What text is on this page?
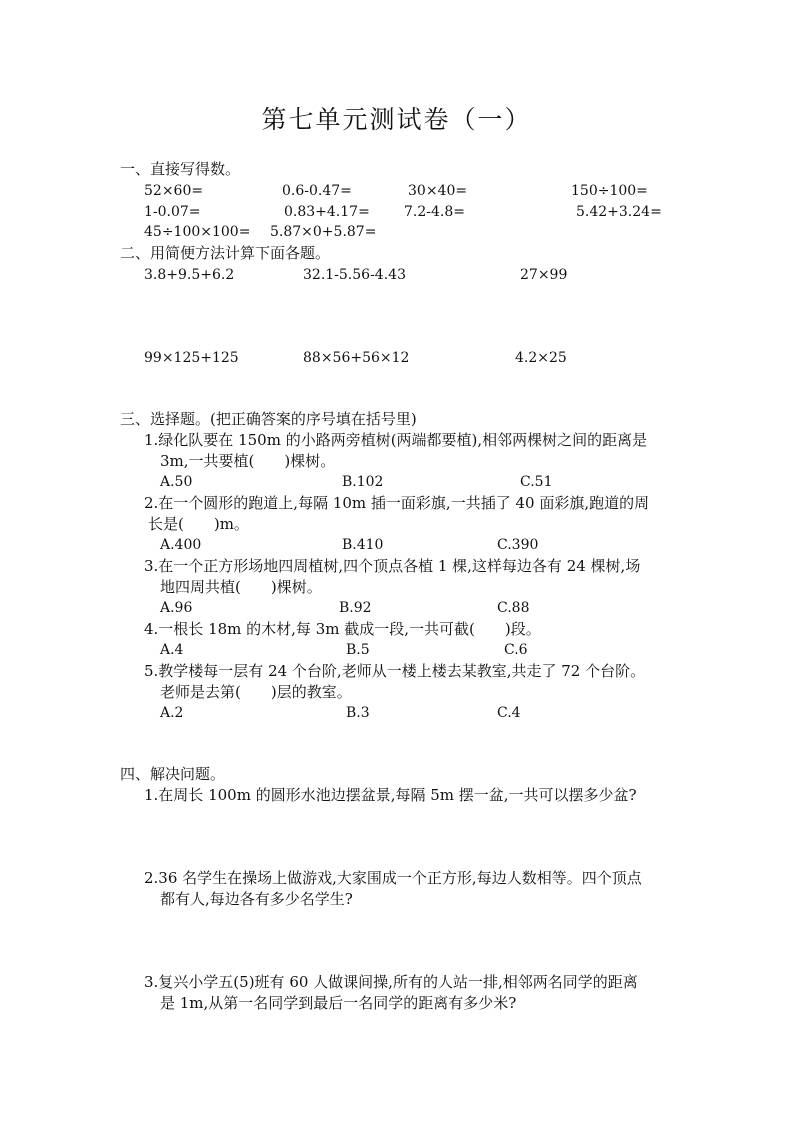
第七单元测试卷（一）
一、直接写得数。
52×60=	0.6-0.47=	30×40=	150÷100=
1-0.07=	0.83+4.17= 7.2-4.8=	5.42+3.24=
45÷100×100= 5.87×0+5.87=
二、用简便方法计算下面各题。
3.8+9.5+6.2	32.1-5.56-4.43	27×99
99×125+125	88×56+56×12	4.2×25
三、选择题。(把正确答案的序号填在括号里)
1.绿化队要在 150m 的小路两旁植树(两端都要植),相邻两棵树之间的距离是
3m,一共要植(　　)棵树。
A.50	B.102	C.51
2.在一个圆形的跑道上,每隔 10m 插一面彩旗,一共插了 40 面彩旗,跑道的周
长是(　　)m。
A.400	B.410	C.390
3.在一个正方形场地四周植树,四个顶点各植 1 棵,这样每边各有 24 棵树,场
地四周共植(　　)棵树。
A.96	B.92	C.88
4.一根长 18m 的木材,每 3m 截成一段,一共可截(　　)段。
A.4	B.5	C.6
5.教学楼每一层有 24 个台阶,老师从一楼上楼去某教室,共走了 72 个台阶。
老师是去第(　　)层的教室。
A.2	B.3	C.4
四、解决问题。
1.在周长 100m 的圆形水池边摆盆景,每隔 5m 摆一盆,一共可以摆多少盆?
2.36 名学生在操场上做游戏,大家围成一个正方形,每边人数相等。四个顶点
都有人,每边各有多少名学生?
3.复兴小学五(5)班有 60 人做课间操,所有的人站一排,相邻两名同学的距离
是 1m,从第一名同学到最后一名同学的距离有多少米?
